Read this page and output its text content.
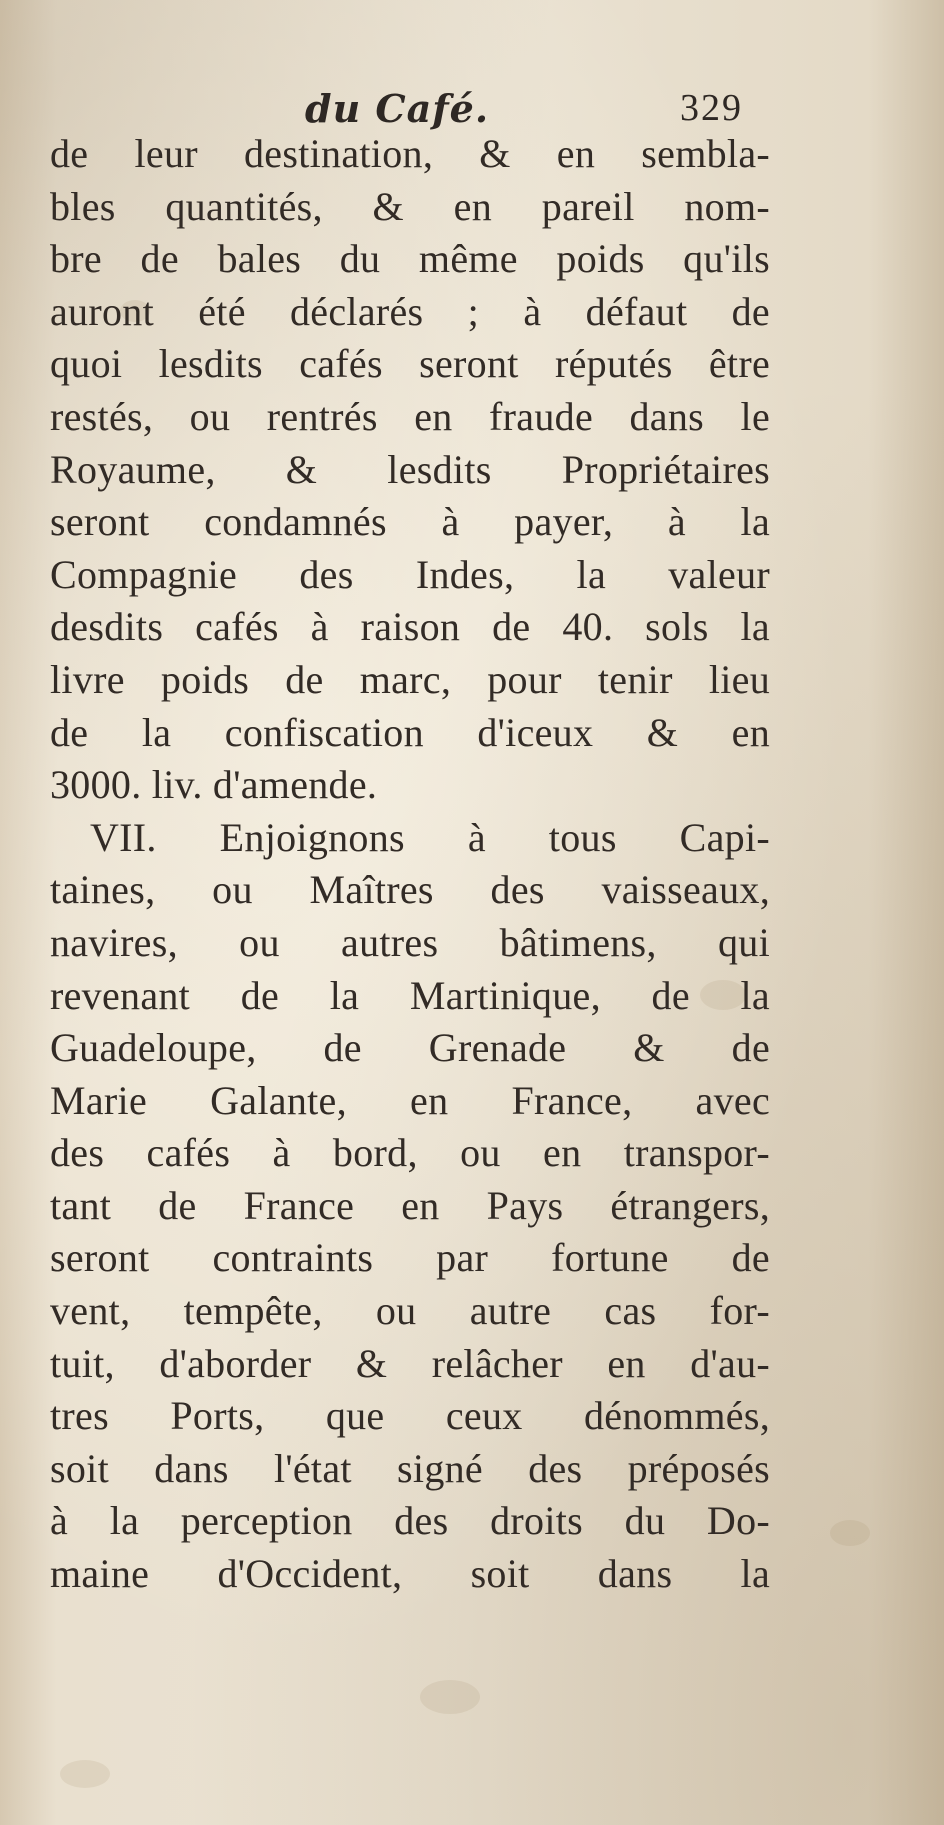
du Café.	329
de leur destination, & en sembla-
bles quantités, & en pareil nom-
bre de bales du même poids qu'ils
auront été déclarés ; à défaut de
quoi lesdits cafés seront réputés être
restés, ou rentrés en fraude dans le
Royaume, & lesdits Propriétaires
seront condamnés à payer, à la
Compagnie des Indes, la valeur
desdits cafés à raison de 40. sols la
livre poids de marc, pour tenir lieu
de la confiscation d'iceux & en
3000. liv. d'amende.
VII. Enjoignons à tous Capi-
taines, ou Maîtres des vaisseaux,
navires, ou autres bâtimens, qui
revenant de la Martinique, de la
Guadeloupe, de Grenade & de
Marie Galante, en France, avec
des cafés à bord, ou en transpor-
tant de France en Pays étrangers,
seront contraints par fortune de
vent, tempête, ou autre cas for-
tuit, d'aborder & relâcher en d'au-
tres Ports, que ceux dénommés,
soit dans l'état signé des préposés
à la perception des droits du Do-
maine d'Occident, soit dans la
